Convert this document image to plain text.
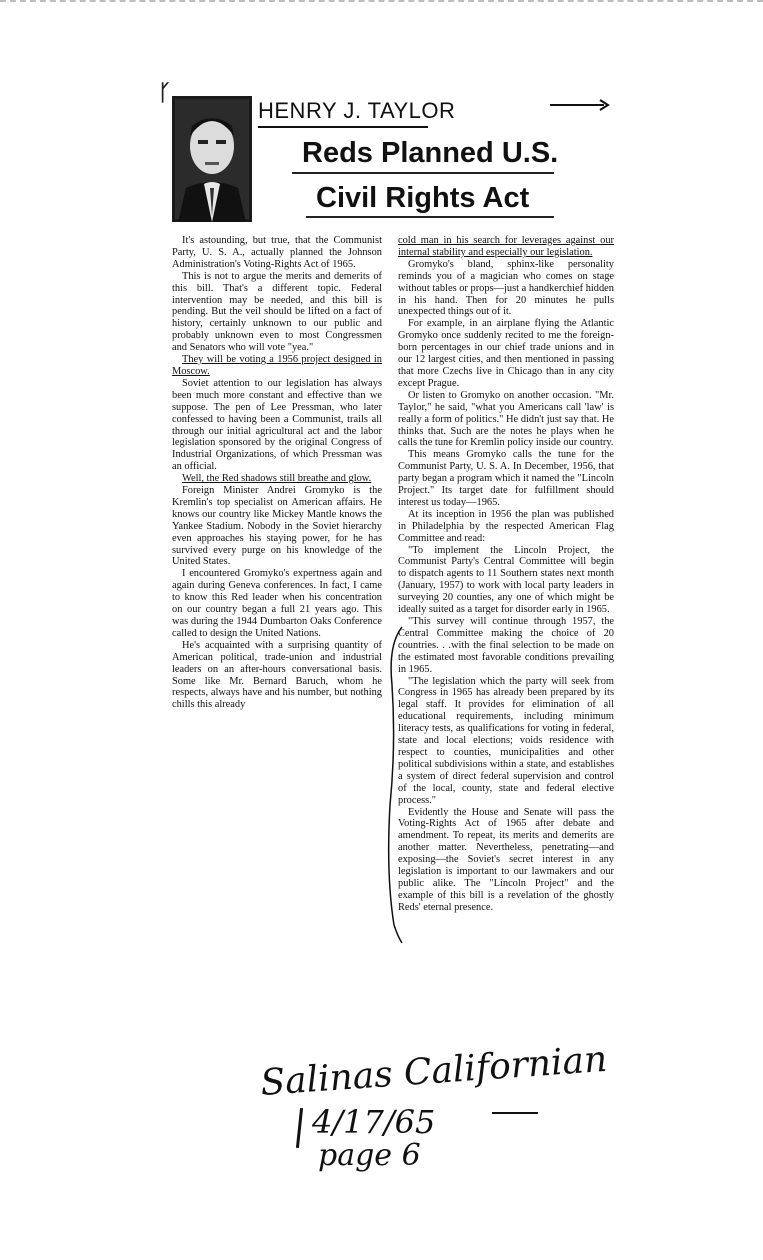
ᚴ
HENRY J. TAYLOR
Reds Planned U.S.
Civil Rights Act

It's astounding, but true, that the Communist Party, U. S. A., actually planned the Johnson Administration's Voting-Rights Act of 1965.

This is not to argue the merits and demerits of this bill. That's a different topic. Federal intervention may be needed, and this bill is pending. But the veil should be lifted on a fact of history, certainly unknown to our public and probably unknown even to most Congressmen and Senators who will vote "yea."

They will be voting a 1956 project designed in Moscow.

Soviet attention to our legislation has always been much more constant and effective than we suppose. The pen of Lee Pressman, who later confessed to having been a Communist, trails all through our initial agricultural act and the labor legislation sponsored by the original Congress of Industrial Organizations, of which Pressman was an official.

Well, the Red shadows still breathe and glow.

Foreign Minister Andrei Gromyko is the Kremlin's top specialist on American affairs. He knows our country like Mickey Mantle knows the Yankee Stadium. Nobody in the Soviet hierarchy even approaches his staying power, for he has survived every purge on his knowledge of the United States.

I encountered Gromyko's expertness again and again during Geneva conferences. In fact, I came to know this Red leader when his concentration on our country began a full 21 years ago. This was during the 1944 Dumbarton Oaks Conference called to design the United Nations.

He's acquainted with a surprising quantity of American political, trade-union and industrial leaders on an after-hours conversational basis. Some like Mr. Bernard Baruch, whom he respects, always have and his number, but nothing chills this already

cold man in his search for leverages against our internal stability and especially our legislation.

Gromyko's bland, sphinx-like personality reminds you of a magician who comes on stage without tables or props—just a handkerchief hidden in his hand. Then for 20 minutes he pulls unexpected things out of it.

For example, in an airplane flying the Atlantic Gromyko once suddenly recited to me the foreign-born percentages in our chief trade unions and in our 12 largest cities, and then mentioned in passing that more Czechs live in Chicago than in any city except Prague.

Or listen to Gromyko on another occasion. "Mr. Taylor," he said, "what you Americans call 'law' is really a form of politics." He didn't just say that. He thinks that. Such are the notes he plays when he calls the tune for Kremlin policy inside our country.

This means Gromyko calls the tune for the Communist Party, U. S. A. In December, 1956, that party began a program which it named the "Lincoln Project." Its target date for fulfillment should interest us today—1965.

At its inception in 1956 the plan was published in Philadelphia by the respected American Flag Committee and read:

"To implement the Lincoln Project, the Communist Party's Central Committee will begin to dispatch agents to 11 Southern states next month (January, 1957) to work with local party leaders in surveying 20 counties, any one of which might be ideally suited as a target for disorder early in 1965.

"This survey will continue through 1957, the Central Committee making the choice of 20 countries. . .with the final selection to be made on the estimated most favorable conditions prevailing in 1965.

"The legislation which the party will seek from Congress in 1965 has already been prepared by its legal staff. It provides for elimination of all educational requirements, including minimum literacy tests, as qualifications for voting in federal, state and local elections; voids residence with respect to counties, municipalities and other political subdivisions within a state, and establishes a system of direct federal supervision and control of the local, county, state and federal elective process."

Evidently the House and Senate will pass the Voting-Rights Act of 1965 after debate and amendment. To repeat, its merits and demerits are another matter. Nevertheless, penetrating—and exposing—the Soviet's secret interest in any legislation is important to our lawmakers and our public alike. The "Lincoln Project" and the example of this bill is a revelation of the ghostly Reds' eternal presence.

Salinas Californian
4/17/65
page 6
